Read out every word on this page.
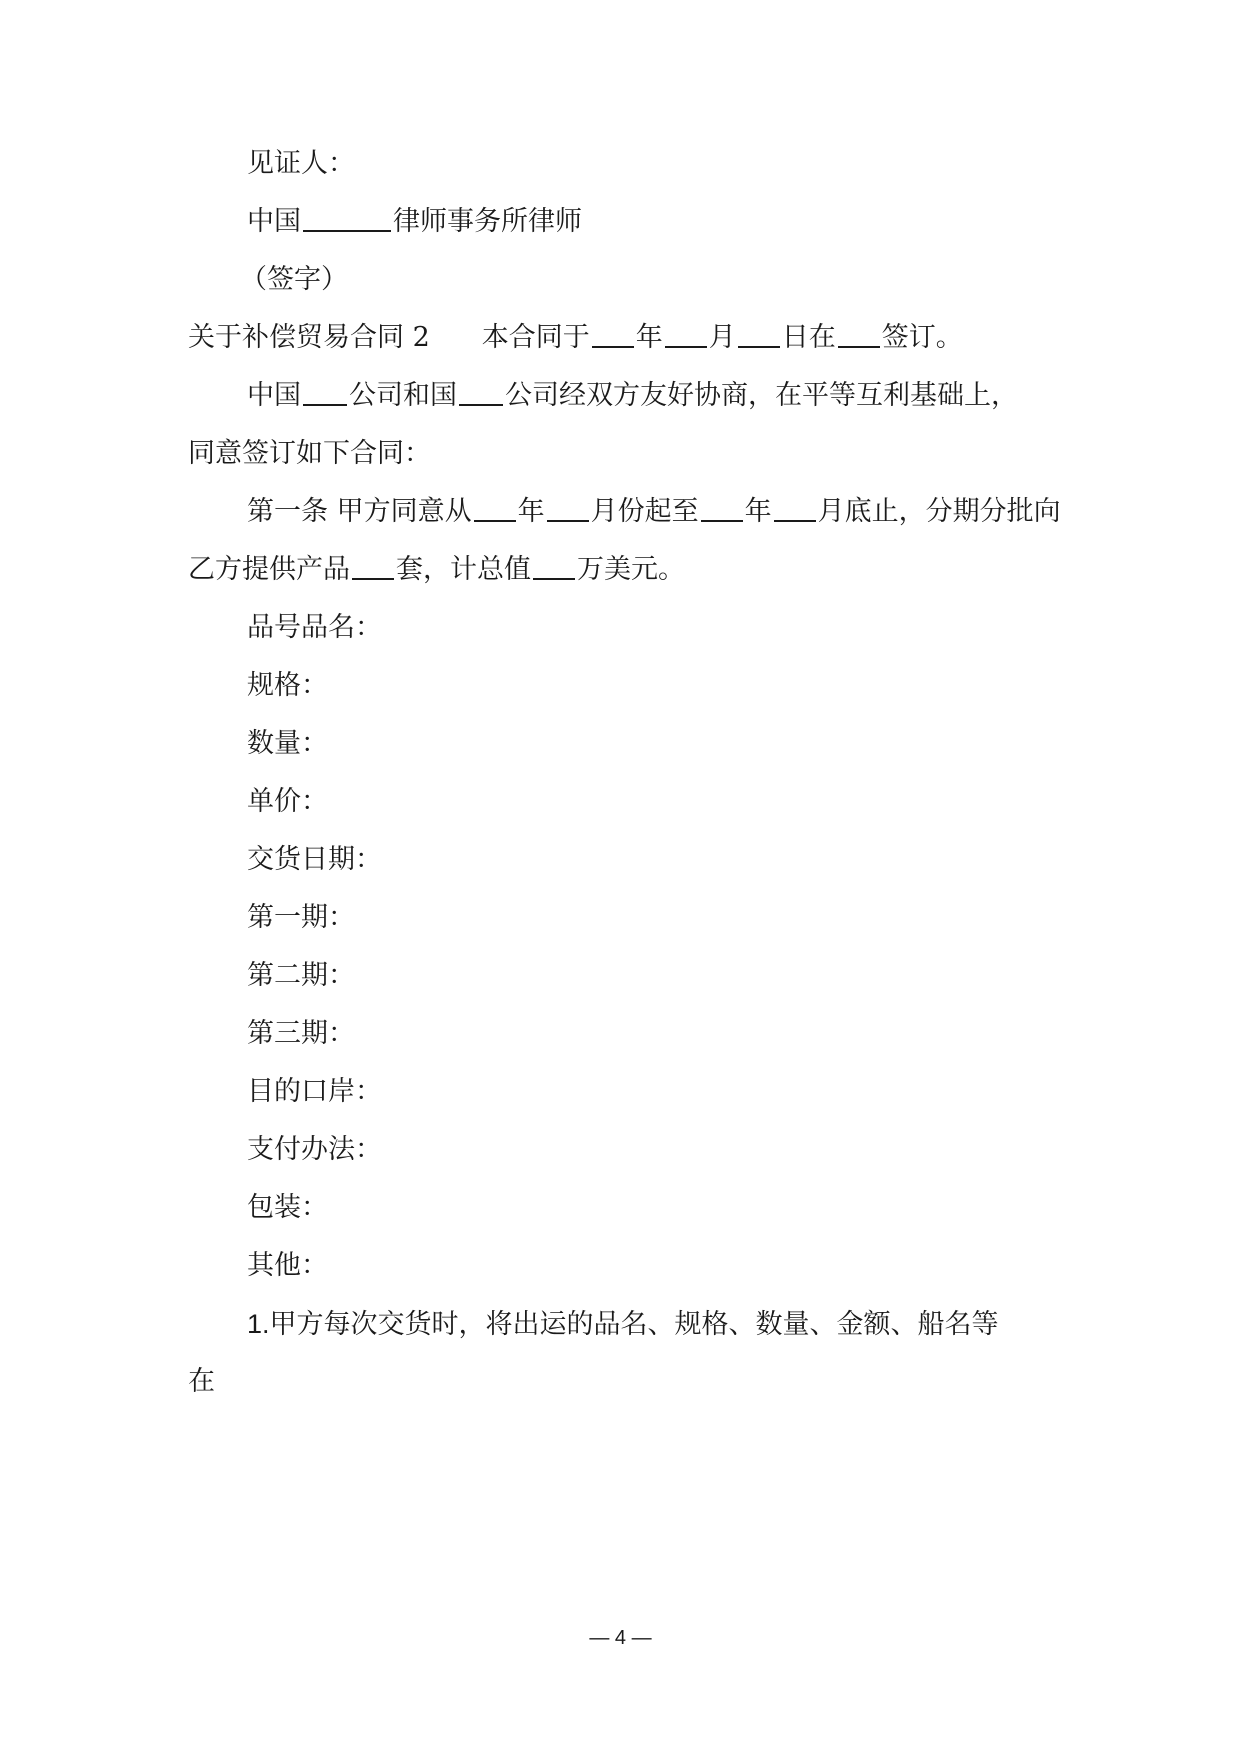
见证人：
中国	律师事务所律师
（签字）
关于补偿贸易合同 2 本合同于 年 月 日在 签订。
中国 公司和国 公司经双方友好协商，在平等互利基础上，
同意签订如下合同：
第一条 甲方同意从 年 月份起至 年 月底止，分期分批向
乙方提供产品 套，计总值 万美元。
品号品名：
规格：
数量：
单价：
交货日期：
第一期：
第二期：
第三期：
目的口岸：
支付办法：
包装：
其他：
1.甲方每次交货时，将出运的品名、规格、数量、金额、船名等
在
— 4 —
